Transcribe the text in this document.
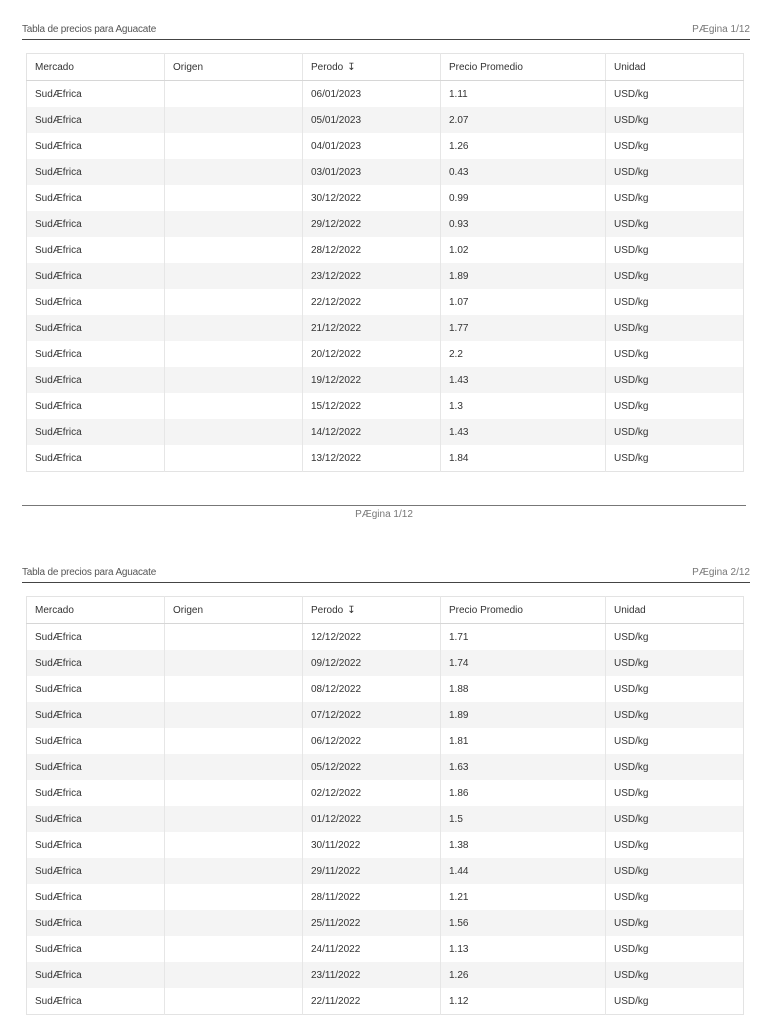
Tabla de precios para Aguacate	PÆgina 1/12
Mercado	Origen	Perodo ↧	Precio Promedio	Unidad
SudÆfrica		06/01/2023	1.11	USD/kg
SudÆfrica		05/01/2023	2.07	USD/kg
SudÆfrica		04/01/2023	1.26	USD/kg
SudÆfrica		03/01/2023	0.43	USD/kg
SudÆfrica		30/12/2022	0.99	USD/kg
SudÆfrica		29/12/2022	0.93	USD/kg
SudÆfrica		28/12/2022	1.02	USD/kg
SudÆfrica		23/12/2022	1.89	USD/kg
SudÆfrica		22/12/2022	1.07	USD/kg
SudÆfrica		21/12/2022	1.77	USD/kg
SudÆfrica		20/12/2022	2.2	USD/kg
SudÆfrica		19/12/2022	1.43	USD/kg
SudÆfrica		15/12/2022	1.3	USD/kg
SudÆfrica		14/12/2022	1.43	USD/kg
SudÆfrica		13/12/2022	1.84	USD/kg
PÆgina 1/12
Tabla de precios para Aguacate	PÆgina 2/12
Mercado	Origen	Perodo ↧	Precio Promedio	Unidad
SudÆfrica		12/12/2022	1.71	USD/kg
SudÆfrica		09/12/2022	1.74	USD/kg
SudÆfrica		08/12/2022	1.88	USD/kg
SudÆfrica		07/12/2022	1.89	USD/kg
SudÆfrica		06/12/2022	1.81	USD/kg
SudÆfrica		05/12/2022	1.63	USD/kg
SudÆfrica		02/12/2022	1.86	USD/kg
SudÆfrica		01/12/2022	1.5	USD/kg
SudÆfrica		30/11/2022	1.38	USD/kg
SudÆfrica		29/11/2022	1.44	USD/kg
SudÆfrica		28/11/2022	1.21	USD/kg
SudÆfrica		25/11/2022	1.56	USD/kg
SudÆfrica		24/11/2022	1.13	USD/kg
SudÆfrica		23/11/2022	1.26	USD/kg
SudÆfrica		22/11/2022	1.12	USD/kg
